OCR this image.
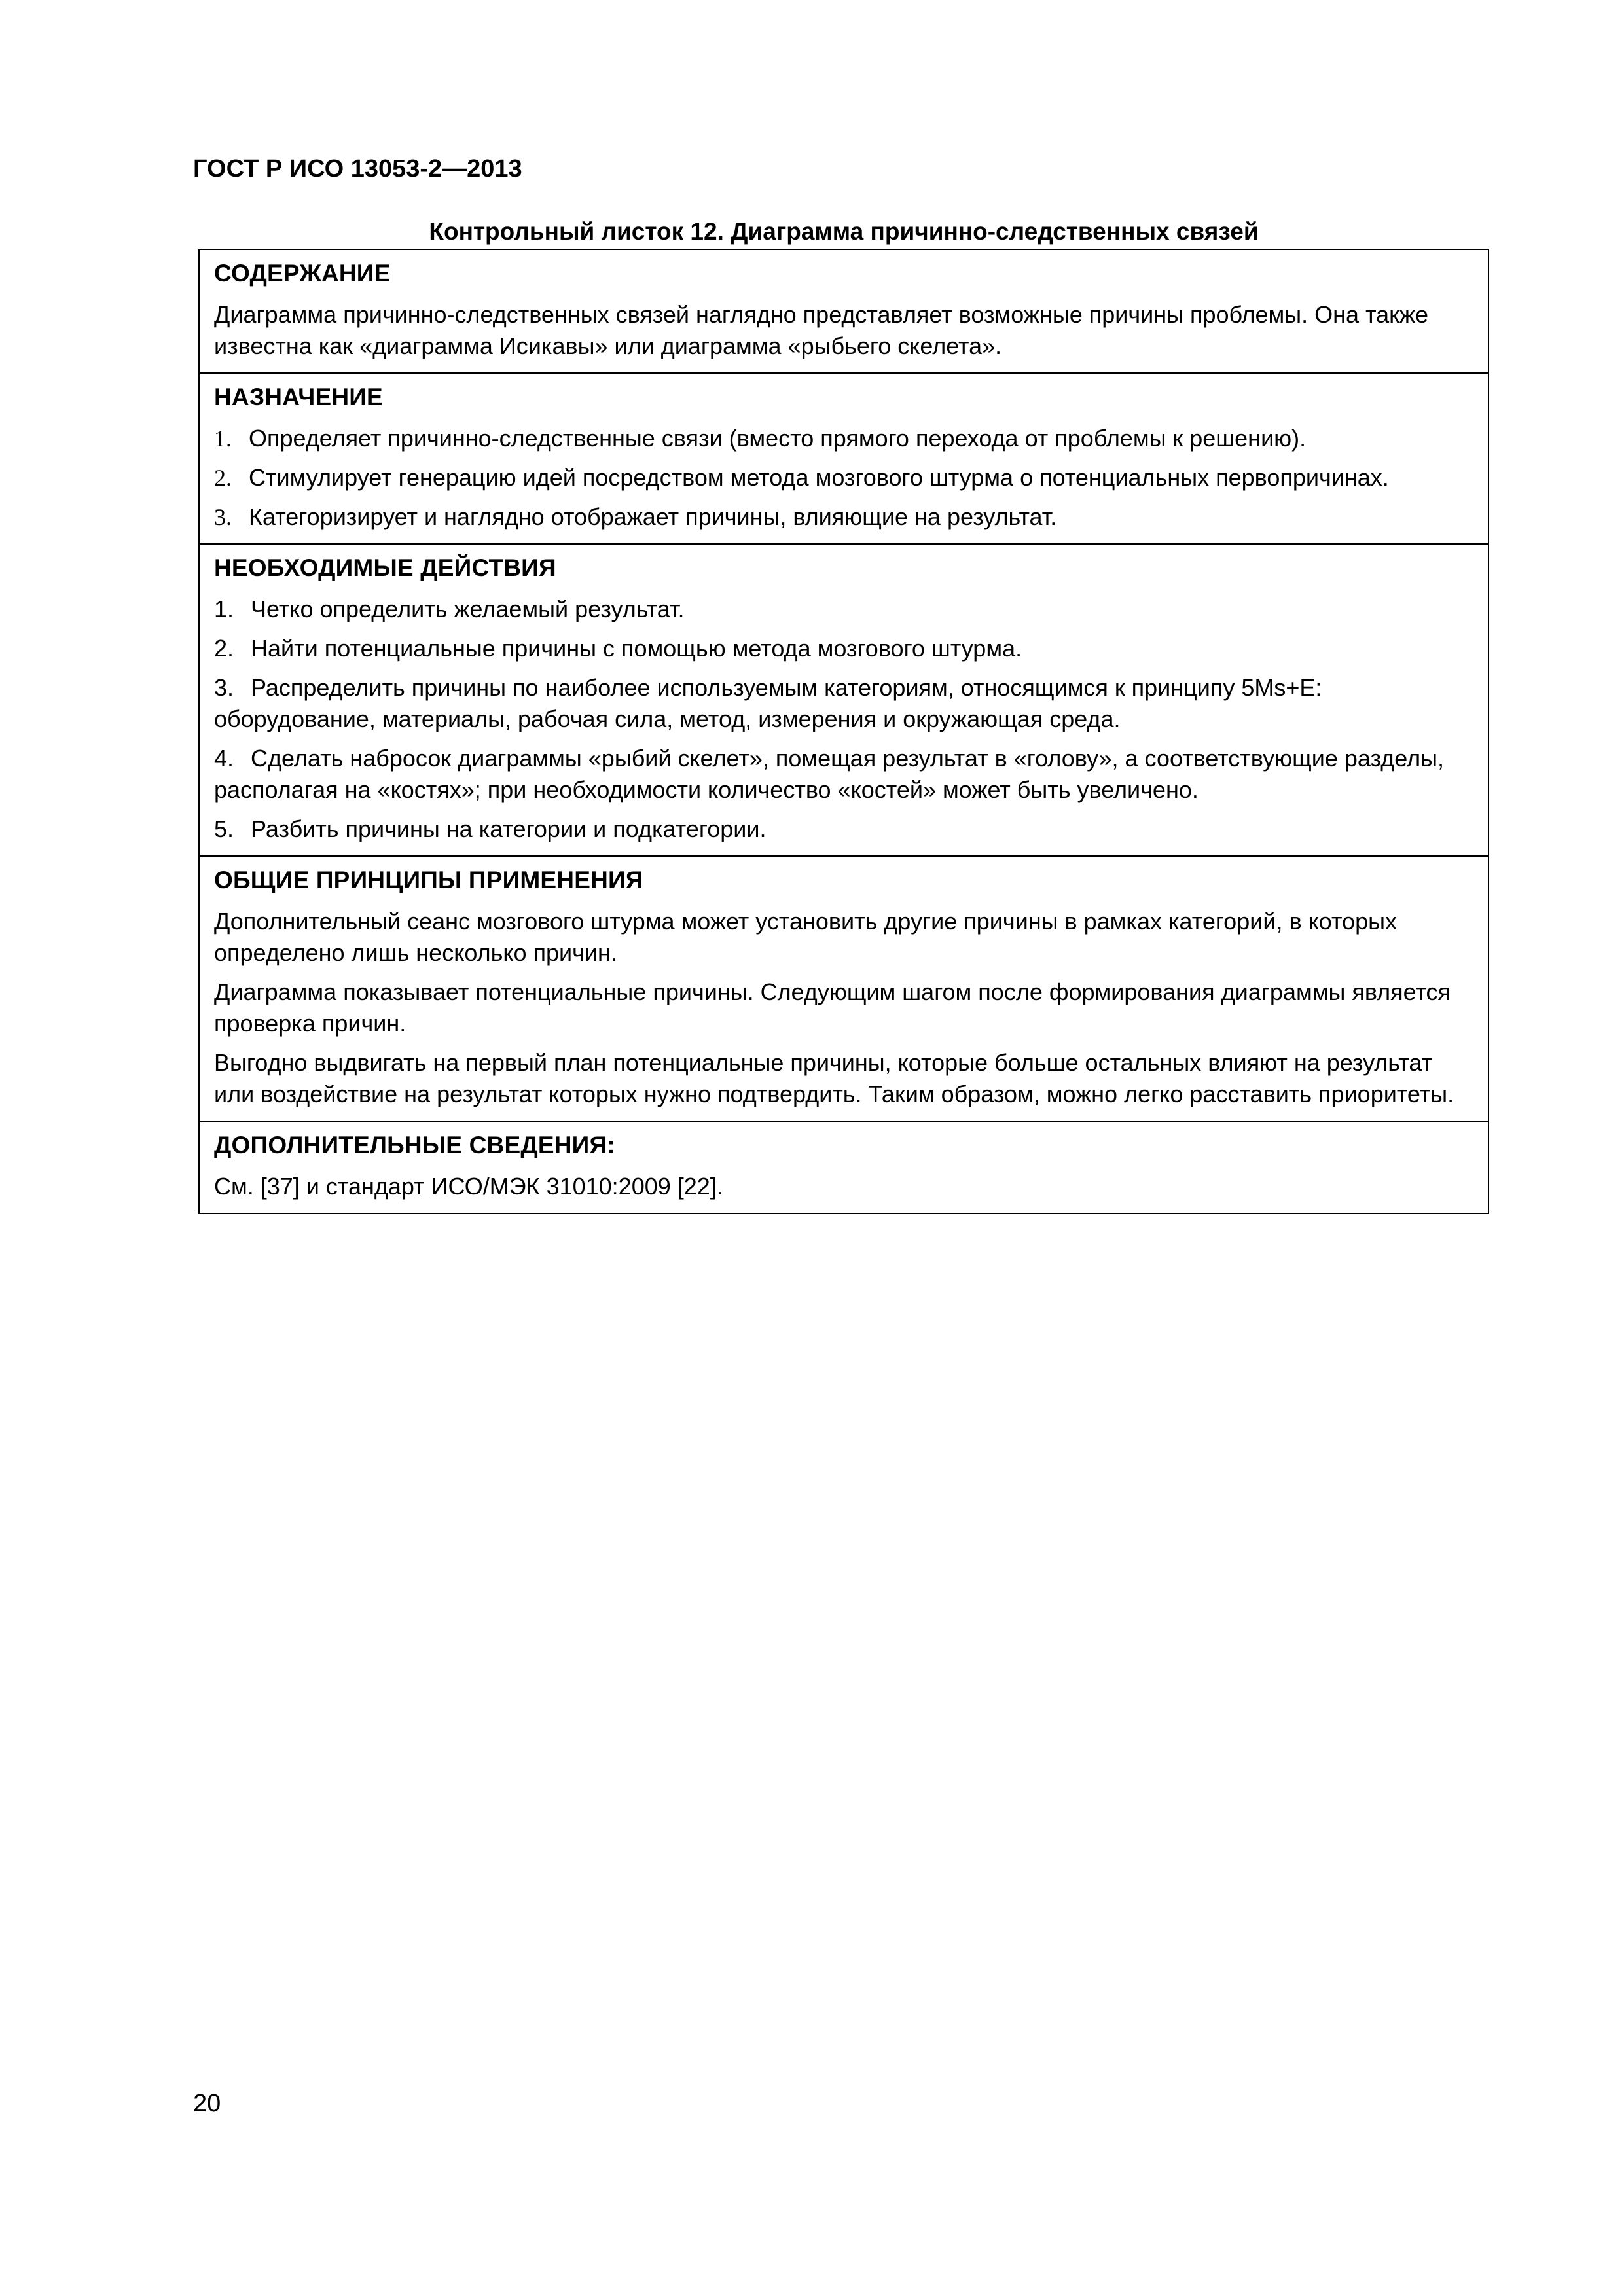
ГОСТ Р ИСО 13053-2—2013
Контрольный листок 12. Диаграмма причинно-следственных связей
СОДЕРЖАНИЕ
Диаграмма причинно-следственных связей наглядно представляет возможные причины проблемы. Она также известна как «диаграмма Исикавы» или диаграмма «рыбьего скелета».
НАЗНАЧЕНИЕ
1. Определяет причинно-следственные связи (вместо прямого перехода от проблемы к решению).
2. Стимулирует генерацию идей посредством метода мозгового штурма о потенциальных первопричинах.
3. Категоризирует и наглядно отображает причины, влияющие на результат.
НЕОБХОДИМЫЕ ДЕЙСТВИЯ
1. Четко определить желаемый результат.
2. Найти потенциальные причины с помощью метода мозгового штурма.
3. Распределить причины по наиболее используемым категориям, относящимся к принципу 5Ms+E: оборудование, материалы, рабочая сила, метод, измерения и окружающая среда.
4. Сделать набросок диаграммы «рыбий скелет», помещая результат в «голову», а соответствующие разделы, располагая на «костях»; при необходимости количество «костей» может быть увеличено.
5. Разбить причины на категории и подкатегории.
ОБЩИЕ ПРИНЦИПЫ ПРИМЕНЕНИЯ
Дополнительный сеанс мозгового штурма может установить другие причины в рамках категорий, в которых определено лишь несколько причин.
Диаграмма показывает потенциальные причины. Следующим шагом после формирования диаграммы является проверка причин.
Выгодно выдвигать на первый план потенциальные причины, которые больше остальных влияют на результат или воздействие на результат которых нужно подтвердить. Таким образом, можно легко расставить приоритеты.
ДОПОЛНИТЕЛЬНЫЕ СВЕДЕНИЯ:
См. [37] и стандарт ИСО/МЭК 31010:2009 [22].
20
